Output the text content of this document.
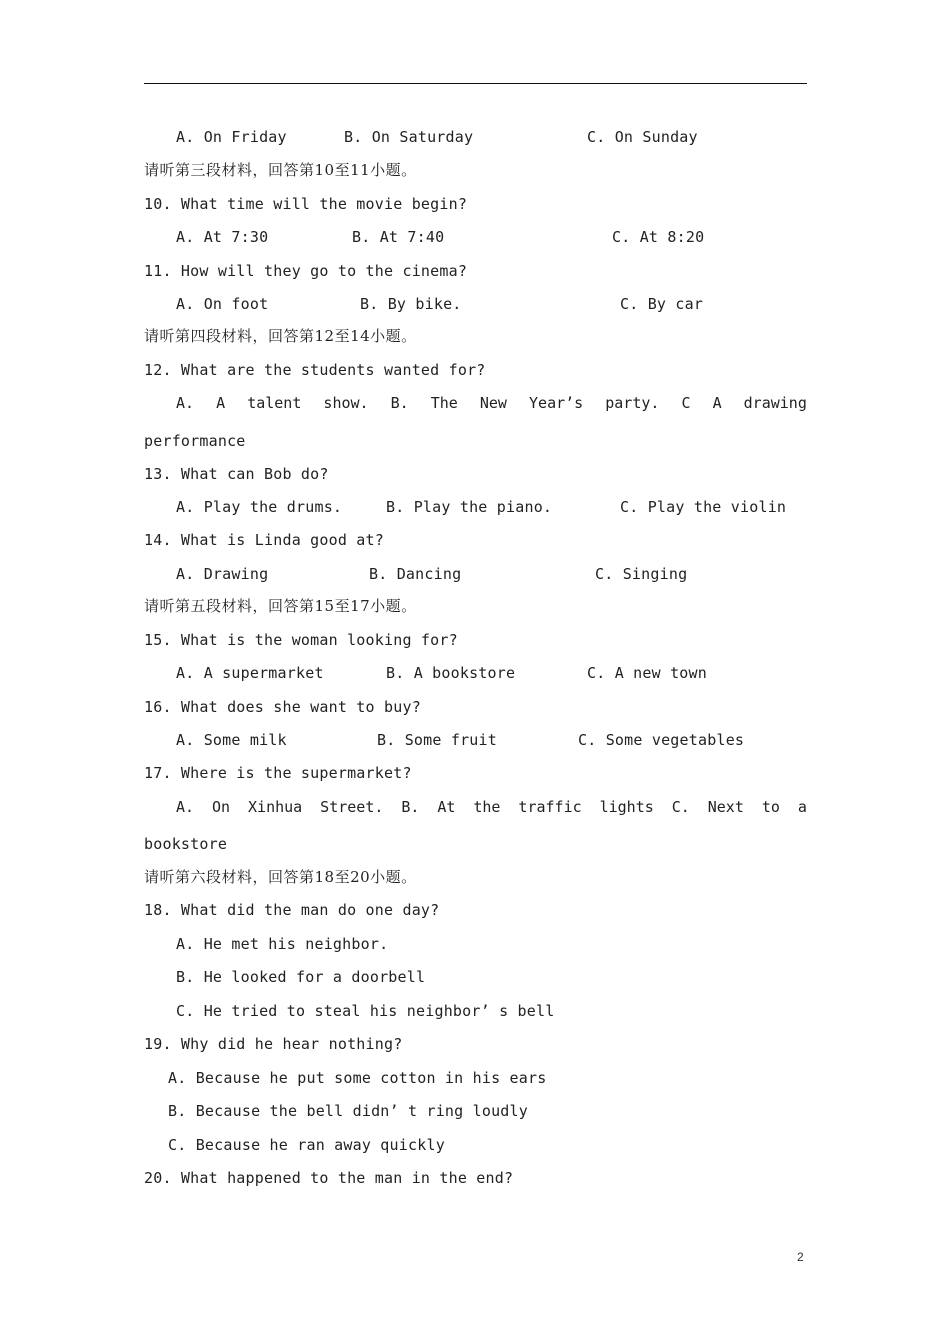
A. On Friday	B. On Saturday	C. On Sunday
请听第三段材料，回答第10至11小题。
10. What time will the movie begin?
A. At 7:30	B. At 7:40	C. At 8:20
11. How will they go to the cinema?
A. On foot	B. By bike.	C. By car
请听第四段材料，回答第12至14小题。
12. What are the students wanted for?
A. A talent show. B. The New Year’s party. C A drawing
performance
13. What can Bob do?
A. Play the drums.	B. Play the piano.	C. Play the violin
14. What is Linda good at?
A. Drawing	B. Dancing	C. Singing
请听第五段材料，回答第15至17小题。
15. What is the woman looking for?
A. A supermarket	B. A bookstore	C. A new town
16. What does she want to buy?
A. Some milk	B. Some fruit	C. Some vegetables
17. Where is the supermarket?
A. On Xinhua Street. B. At the traffic lights C. Next to a
bookstore
请听第六段材料，回答第18至20小题。
18. What did the man do one day?
A. He met his neighbor.
B. He looked for a doorbell
C. He tried to steal his neighbor’ s bell
19. Why did he hear nothing?
A. Because he put some cotton in his ears
B. Because the bell didn’ t ring loudly
C. Because he ran away quickly
20. What happened to the man in the end?
2
